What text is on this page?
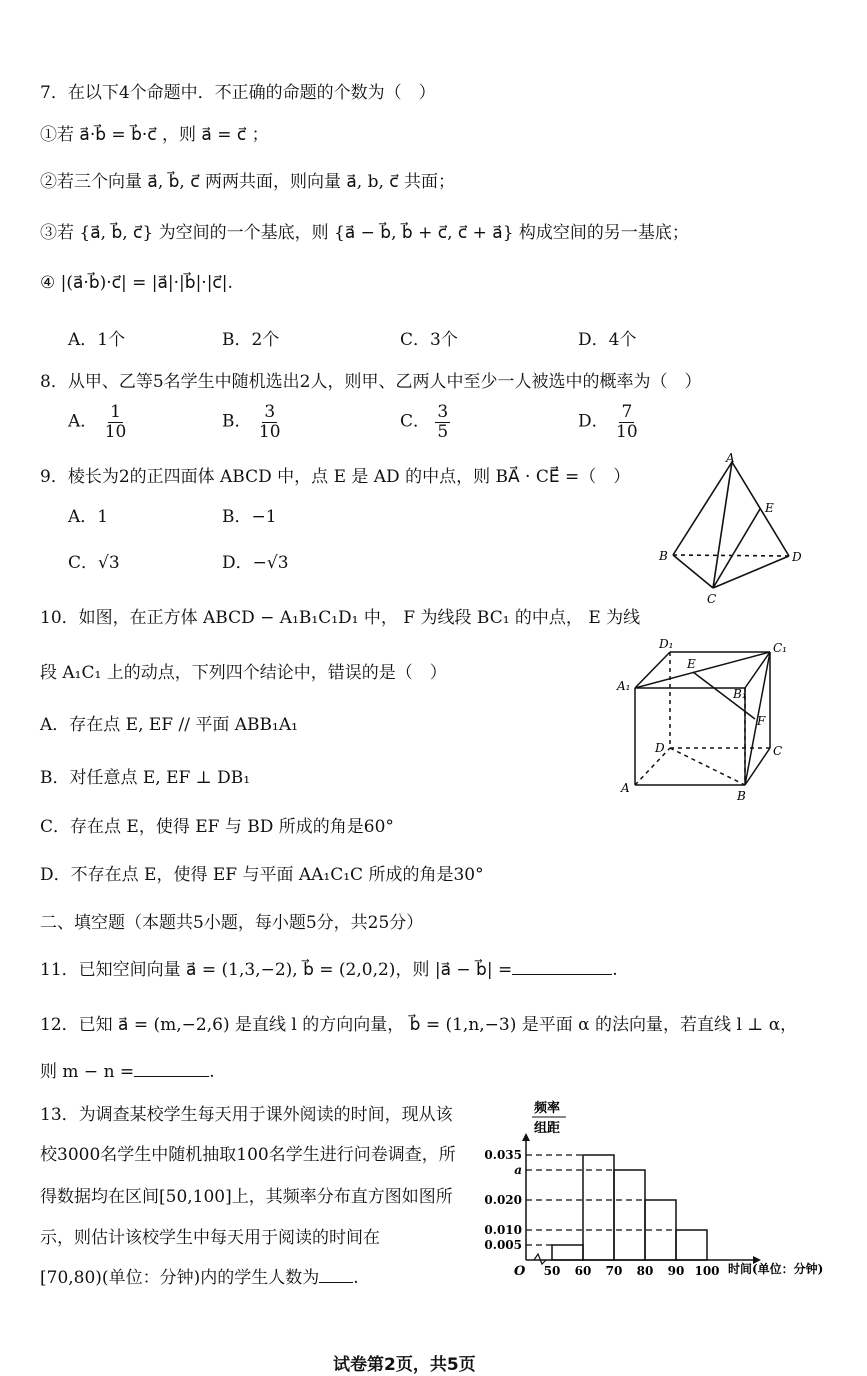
7．在以下4个命题中．不正确的命题的个数为（　）
①若 a⃗·b⃗ = b⃗·c⃗ ，则 a⃗ = c⃗ ；
②若三个向量 a⃗, b⃗, c⃗ 两两共面，则向量 a⃗, b, c⃗ 共面；
③若 {a⃗, b⃗, c⃗} 为空间的一个基底，则 {a⃗ − b⃗, b⃗ + c⃗, c⃗ + a⃗} 构成空间的另一基底；
④ |(a⃗·b⃗)·c⃗| = |a⃗|·|b⃗|·|c⃗|.
A．1个	B．2个	C．3个	D．4个
8．从甲、乙等5名学生中随机选出2人，则甲、乙两人中至少一人被选中的概率为（　）
A． $\frac{1}{10}$	B． $\frac{3}{10}$	C． $\frac{3}{5}$	D． $\frac{7}{10}$
9．棱长为2的正四面体 ABCD 中，点 E 是 AD 的中点，则 BA⃗ · CE⃗ =（　）
A．1	B．−1
C．√3	D．−√3
A
E
B	D
C
10．如图，在正方体 ABCD − A₁B₁C₁D₁ 中， F 为线段 BC₁ 的中点， E 为线
段 A₁C₁ 上的动点，下列四个结论中，错误的是（　）
A．存在点 E, EF // 平面 ABB₁A₁
B．对任意点 E, EF ⊥ DB₁
C．存在点 E，使得 EF 与 BD 所成的角是60°
D．不存在点 E，使得 EF 与平面 AA₁C₁C 所成的角是30°
D₁	C₁
E
A₁
B₁
F
D	C
A
B
二、填空题（本题共5小题，每小题5分，共25分）
11．已知空间向量 a⃗ = (1,3,−2), b⃗ = (2,0,2)，则 |a⃗ − b⃗| =	.
12．已知 a⃗ = (m,−2,6) 是直线 l 的方向向量， b⃗ = (1,n,−3) 是平面 α 的法向量，若直线 l ⊥ α，
则 m − n =	.
13．为调查某校学生每天用于课外阅读的时间，现从该
校3000名学生中随机抽取100名学生进行问卷调查，所
得数据均在区间[50,100]上，其频率分布直方图如图所
示，则估计该校学生中每天用于阅读的时间在
[70,80)(单位：分钟)内的学生人数为 .
0.035
a
0.020
0.010
0.005
50 60 70 80 90 100
频率
组距
时间(单位：分钟)
O
试卷第2页，共5页
